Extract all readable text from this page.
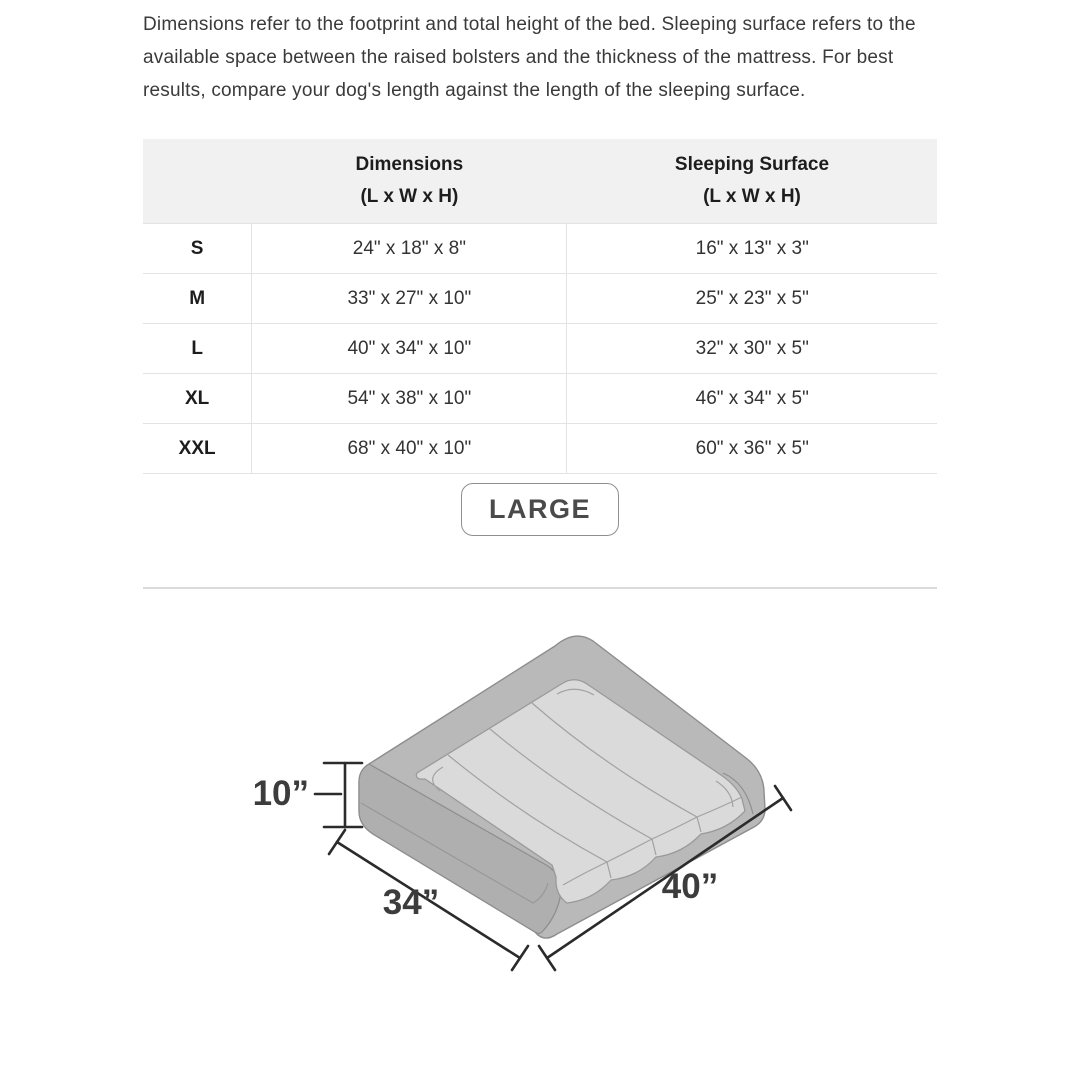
Dimensions refer to the footprint and total height of the bed. Sleeping surface refers to the available space between the raised bolsters and the thickness of the mattress. For best results, compare your dog's length against the length of the sleeping surface.

Dimensions
(L x W x H)

Sleeping Surface
(L x W x H)

S	24" x 18" x 8"	16" x 13" x 3"
M	33" x 27" x 10"	25" x 23" x 5"
L	40" x 34" x 10"	32" x 30" x 5"
XL	54" x 38" x 10"	46" x 34" x 5"
XXL	68" x 40" x 10"	60" x 36" x 5"
LARGE
10”
34”	40”
